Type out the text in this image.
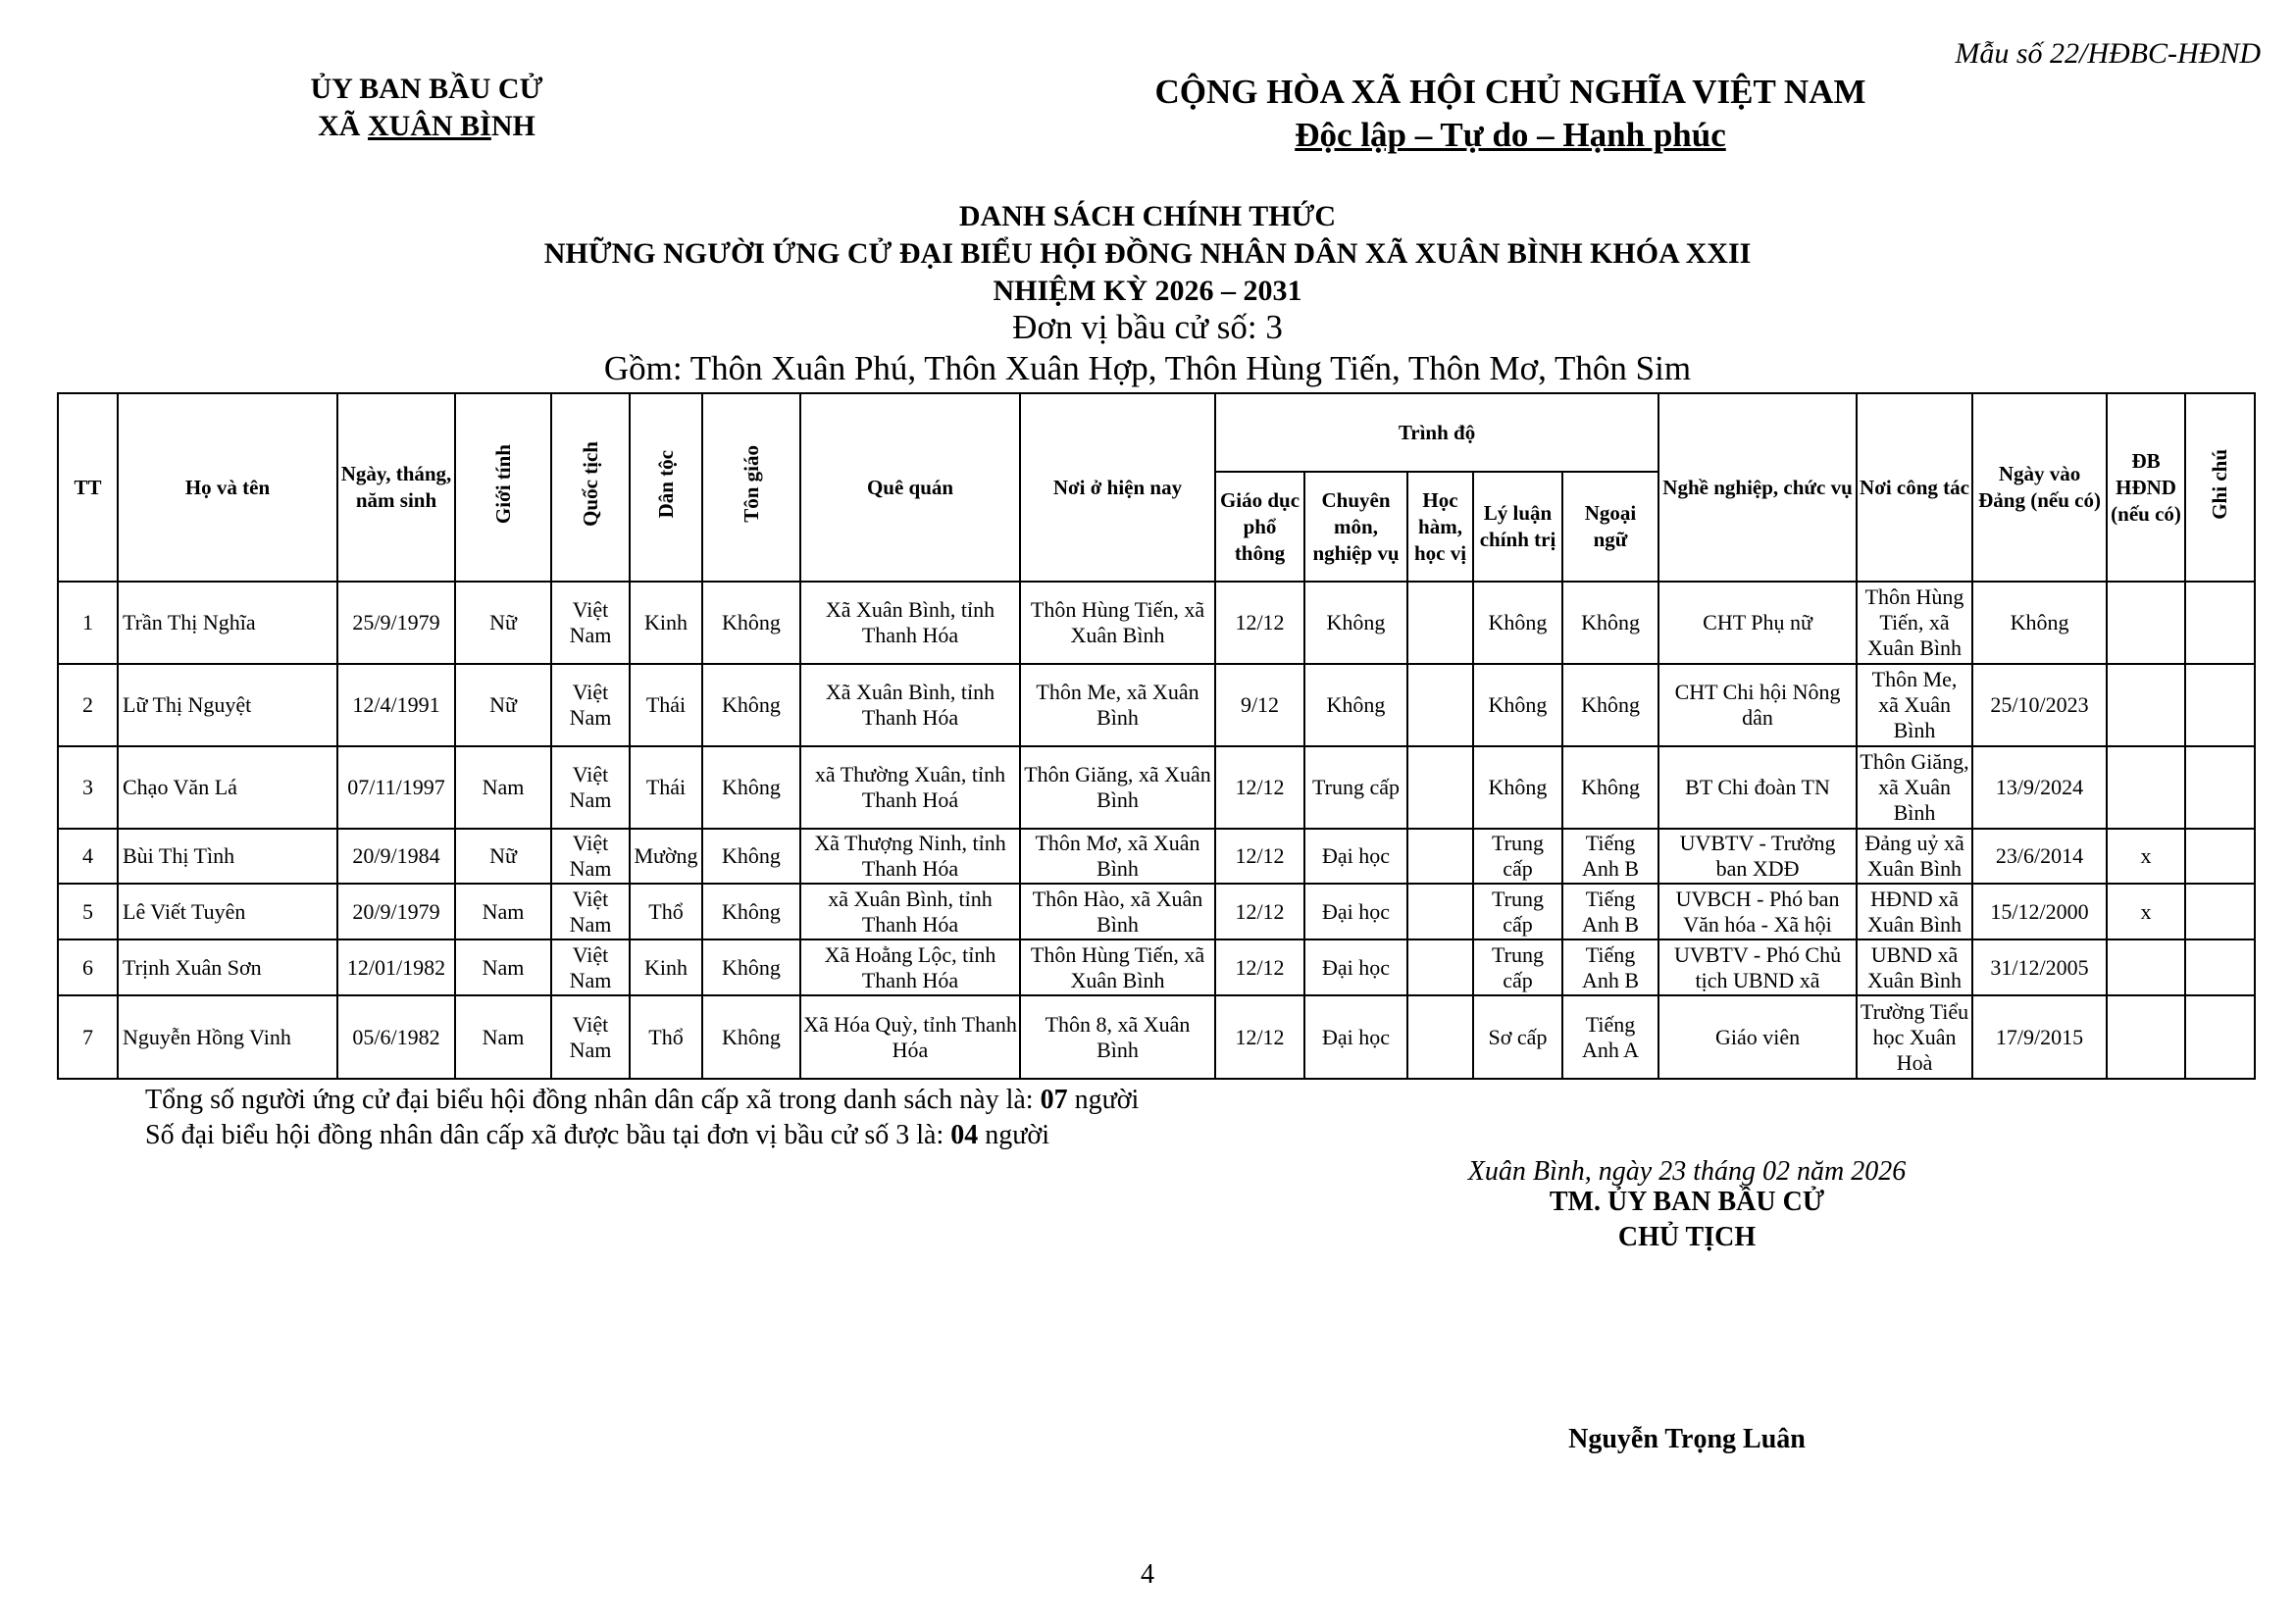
Mẫu số 22/HĐBC-HĐND
ỦY BAN BẦU CỬ
XÃ XUÂN BÌNH
CỘNG HÒA XÃ HỘI CHỦ NGHĨA VIỆT NAM
Độc lập – Tự do – Hạnh phúc
DANH SÁCH CHÍNH THỨC
NHỮNG NGƯỜI ỨNG CỬ ĐẠI BIỂU HỘI ĐỒNG NHÂN DÂN XÃ XUÂN BÌNH KHÓA XXII
NHIỆM KỲ 2026 – 2031
Đơn vị bầu cử số: 3
Gồm: Thôn Xuân Phú, Thôn Xuân Hợp, Thôn Hùng Tiến, Thôn Mơ, Thôn Sim
TT	Họ và tên	Ngày, tháng, năm sinh	Giới tính	Quốc tịch	Dân tộc	Tôn giáo	Quê quán	Nơi ở hiện nay	Trình độ					Nghề nghiệp, chức vụ	Nơi công tác	Ngày vào Đảng (nếu có)	ĐB HĐND (nếu có)	Ghi chú
									Giáo dục phổ thông	Chuyên môn, nghiệp vụ	Học hàm, học vị	Lý luận chính trị	Ngoại ngữ					
1	Trần Thị Nghĩa	25/9/1979	Nữ	Việt Nam	Kinh	Không	Xã Xuân Bình, tỉnh Thanh Hóa	Thôn Hùng Tiến, xã Xuân Bình	12/12	Không		Không	Không	CHT Phụ nữ	Thôn Hùng Tiến, xã Xuân Bình	Không		
2	Lữ Thị Nguyệt	12/4/1991	Nữ	Việt Nam	Thái	Không	Xã Xuân Bình, tỉnh Thanh Hóa	Thôn Me, xã Xuân Bình	9/12	Không		Không	Không	CHT Chi hội Nông dân	Thôn Me, xã Xuân Bình	25/10/2023		
3	Chạo Văn Lá	07/11/1997	Nam	Việt Nam	Thái	Không	xã Thường Xuân, tỉnh Thanh Hoá	Thôn Giăng, xã Xuân Bình	12/12	Trung cấp		Không	Không	BT Chi đoàn TN	Thôn Giăng, xã Xuân Bình	13/9/2024		
4	Bùi Thị Tình	20/9/1984	Nữ	Việt Nam	Mường	Không	Xã Thượng Ninh, tỉnh Thanh Hóa	Thôn Mơ, xã Xuân Bình	12/12	Đại học		Trung cấp	Tiếng Anh B	UVBTV - Trưởng ban XDĐ	Đảng uỷ xã Xuân Bình	23/6/2014	x	
5	Lê Viết Tuyên	20/9/1979	Nam	Việt Nam	Thổ	Không	xã Xuân Bình, tỉnh Thanh Hóa	Thôn Hào, xã Xuân Bình	12/12	Đại học		Trung cấp	Tiếng Anh B	UVBCH - Phó ban Văn hóa - Xã hội	HĐND xã Xuân Bình	15/12/2000	x	
6	Trịnh Xuân Sơn	12/01/1982	Nam	Việt Nam	Kinh	Không	Xã Hoằng Lộc, tỉnh Thanh Hóa	Thôn Hùng Tiến, xã Xuân Bình	12/12	Đại học		Trung cấp	Tiếng Anh B	UVBTV - Phó Chủ tịch UBND xã	UBND xã Xuân Bình	31/12/2005		
7	Nguyễn Hồng Vinh	05/6/1982	Nam	Việt Nam	Thổ	Không	Xã Hóa Quỳ, tỉnh Thanh Hóa	Thôn 8, xã Xuân Bình	12/12	Đại học		Sơ cấp	Tiếng Anh A	Giáo viên	Trường Tiểu học Xuân Hoà	17/9/2015		
Tổng số người ứng cử đại biểu hội đồng nhân dân cấp xã trong danh sách này là: 07 người
Số đại biểu hội đồng nhân dân cấp xã được bầu tại đơn vị bầu cử số 3 là: 04 người
Xuân Bình, ngày 23 tháng 02 năm 2026
TM. ỦY BAN BẦU CỬ
CHỦ TỊCH
Nguyễn Trọng Luân
4
